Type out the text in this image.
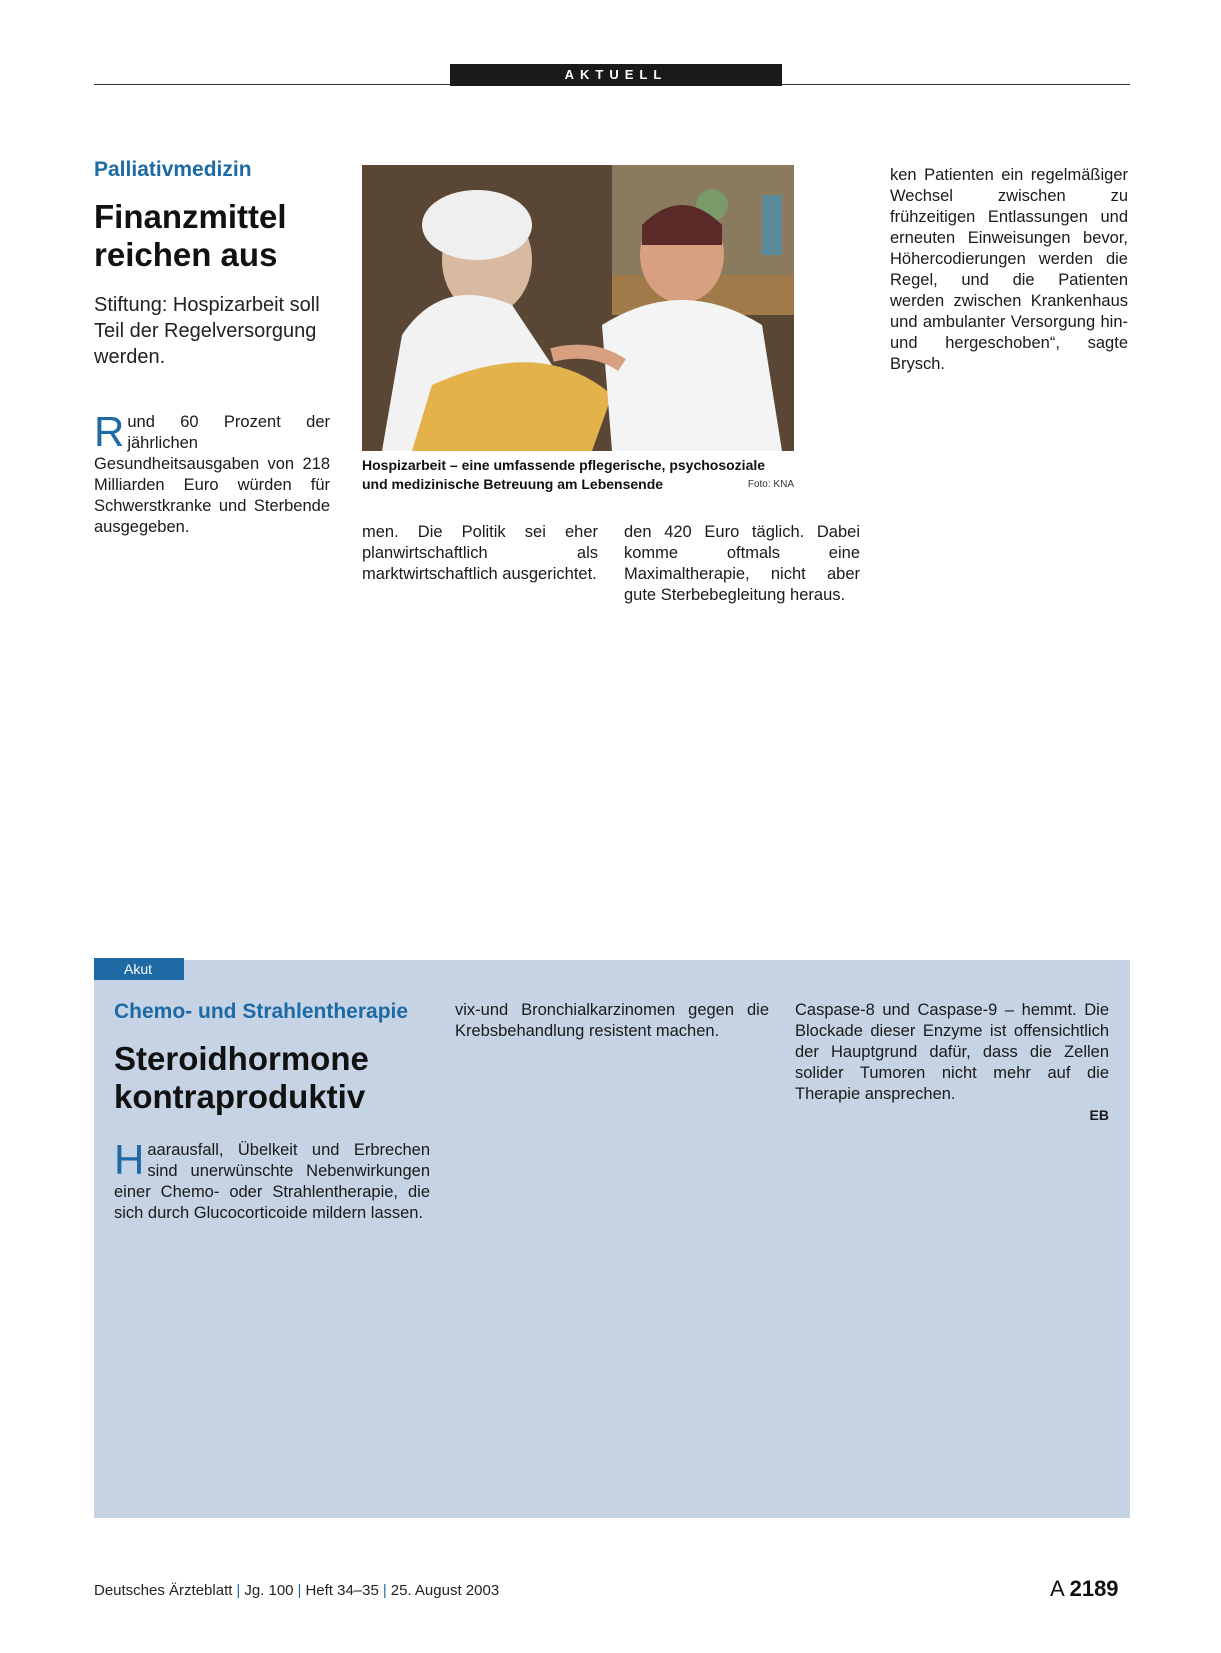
AKTUELL
Palliativmedizin
Finanzmittel reichen aus
Stiftung: Hospizarbeit soll Teil der Regelversorgung werden.
Hospizarbeit – eine umfassende pflegerische, psychosoziale und medizinische Betreuung am Lebensende	Foto: KNA

Rund 60 Prozent der jährlichen Gesundheitsausgaben von 218 Milliarden Euro würden für Schwerstkranke und Sterbende ausgegeben.	men. Die Politik sei eher planwirtschaftlich als marktwirtschaftlich ausgerichtet.

den 420 Euro täglich. Dabei komme oftmals eine Maximaltherapie, nicht aber gute Sterbebegleitung heraus.

ken Patienten ein regelmäßiger Wechsel zwischen zu frühzeitigen Entlassungen und erneuten Einweisungen bevor, Höhercodierungen werden die Regel, und die Patienten werden zwischen Krankenhaus und ambulanter Versorgung hin- und hergeschoben“, sagte Brysch.

Akut
Chemo- und Strahlentherapie
Steroidhormone kontraproduktiv

Haarausfall, Übelkeit und Erbrechen sind unerwünschte Nebenwirkungen einer Chemo- oder Strahlentherapie, die sich durch Glucocorticoide mildern lassen.

vix-und Bronchialkarzinomen gegen die Krebsbehandlung resistent machen.

Caspase-8 und Caspase-9 – hemmt. Die Blockade dieser Enzyme ist offensichtlich der Hauptgrund dafür, dass die Zellen solider Tumoren nicht mehr auf die Therapie ansprechen.

EB
Deutsches Ärzteblatt | Jg. 100 | Heft 34–35 | 25. August 2003	A 2189
